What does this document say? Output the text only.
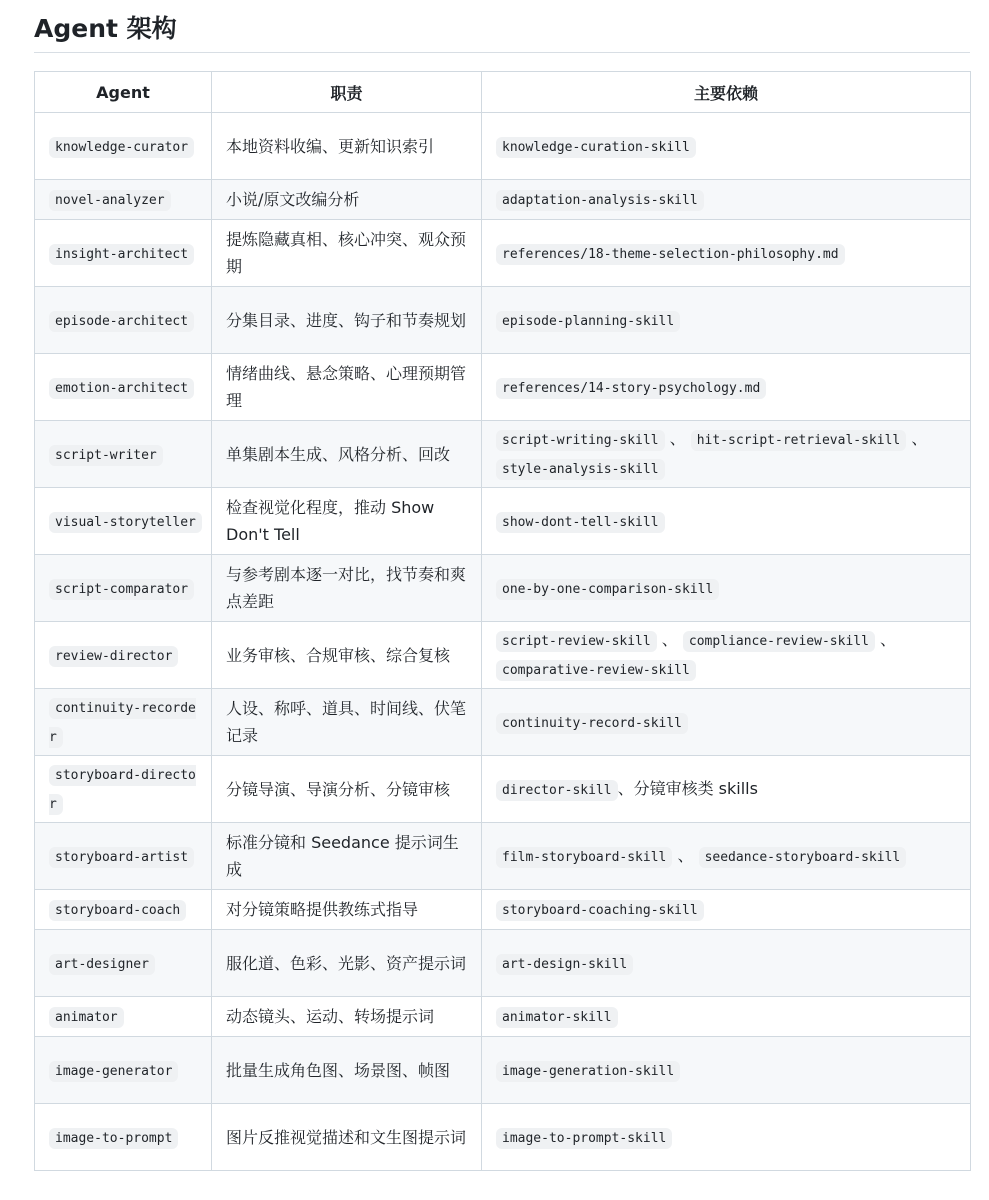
Agent 架构
Agent	职责	主要依赖
knowledge-curator	本地资料收编、更新知识索引	knowledge-curation-skill
novel-analyzer	小说/原文改编分析	adaptation-analysis-skill
insight-architect	提炼隐藏真相、核心冲突、观众预期	references/18-theme-selection-philosophy.md
episode-architect	分集目录、进度、钩子和节奏规划	episode-planning-skill
emotion-architect	情绪曲线、悬念策略、心理预期管理	references/14-story-psychology.md
script-writer	单集剧本生成、风格分析、回改	script-writing-skill 、 hit-script-retrieval-skill 、 style-analysis-skill
visual-storyteller	检查视觉化程度，推动 Show Don't Tell	show-dont-tell-skill
script-comparator	与参考剧本逐一对比，找节奏和爽点差距	one-by-one-comparison-skill
review-director	业务审核、合规审核、综合复核	script-review-skill 、 compliance-review-skill 、 comparative-review-skill
continuity-recorder	人设、称呼、道具、时间线、伏笔记录	continuity-record-skill
storyboard-director	分镜导演、导演分析、分镜审核	director-skill 、分镜审核类 skills
storyboard-artist	标准分镜和 Seedance 提示词生成	film-storyboard-skill 、 seedance-storyboard-skill
storyboard-coach	对分镜策略提供教练式指导	storyboard-coaching-skill
art-designer	服化道、色彩、光影、资产提示词	art-design-skill
animator	动态镜头、运动、转场提示词	animator-skill
image-generator	批量生成角色图、场景图、帧图	image-generation-skill
image-to-prompt	图片反推视觉描述和文生图提示词	image-to-prompt-skill
